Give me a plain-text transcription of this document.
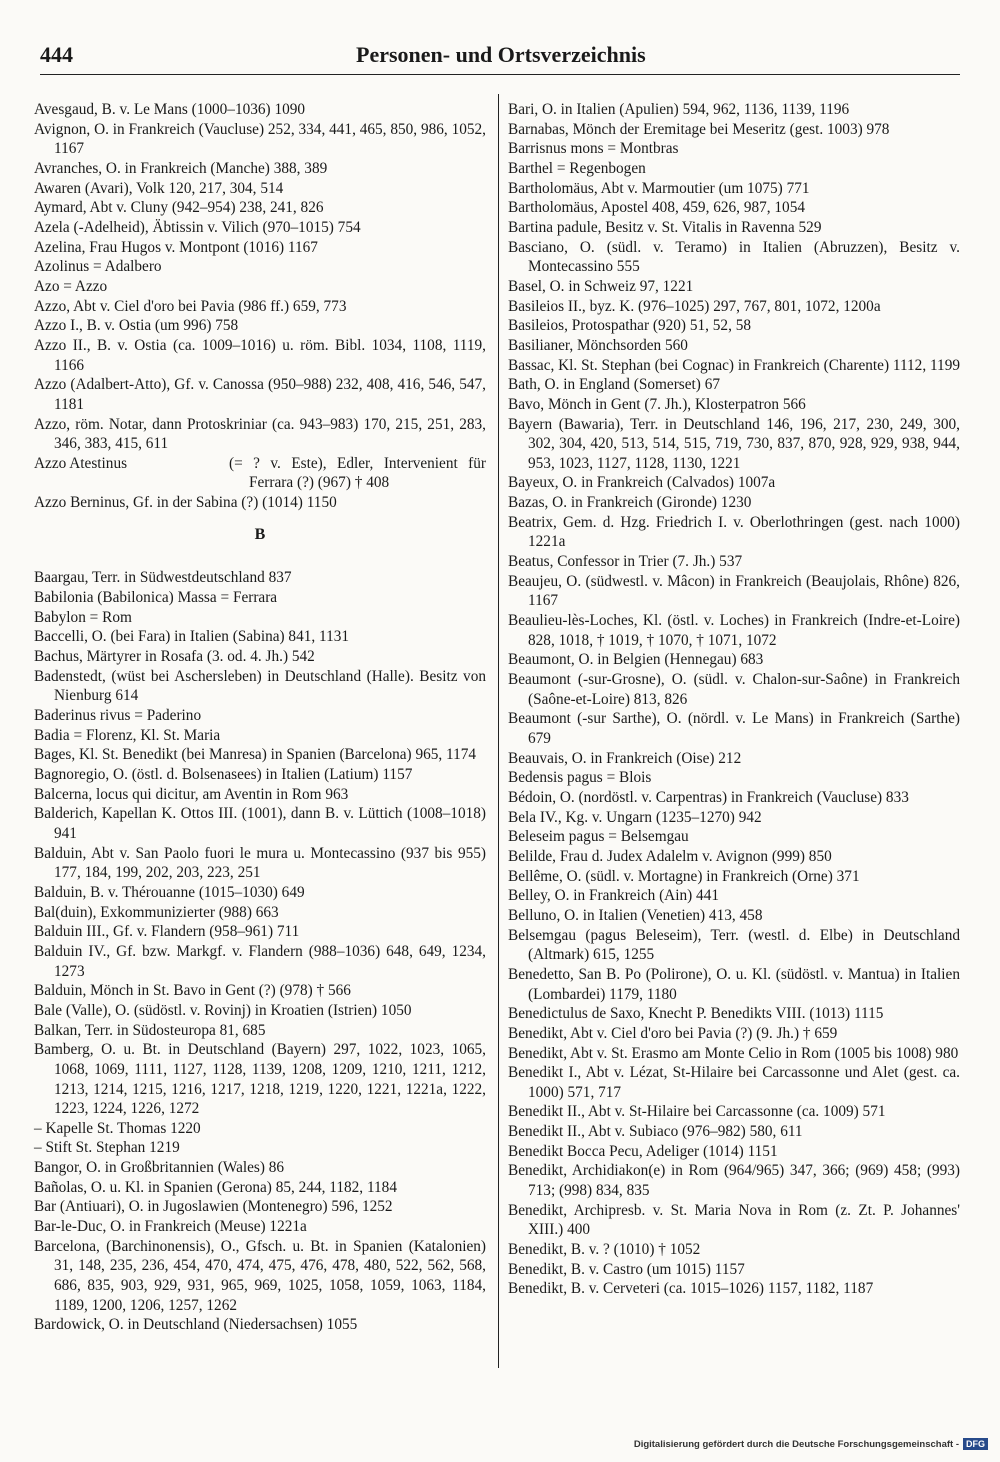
444	Personen- und Ortsverzeichnis
Avesgaud, B. v. Le Mans (1000–1036) 1090
Avignon, O. in Frankreich (Vaucluse) 252, 334, 441, 465, 850, 986, 1052, 1167
Avranches, O. in Frankreich (Manche) 388, 389
Awaren (Avari), Volk 120, 217, 304, 514
Aymard, Abt v. Cluny (942–954) 238, 241, 826
Azela (-Adelheid), Äbtissin v. Vilich (970–1015) 754
Azelina, Frau Hugos v. Montpont (1016) 1167
Azolinus = Adalbero
Azo = Azzo
Azzo, Abt v. Ciel d'oro bei Pavia (986 ff.) 659, 773
Azzo I., B. v. Ostia (um 996) 758
Azzo II., B. v. Ostia (ca. 1009–1016) u. röm. Bibl. 1034, 1108, 1119, 1166
Azzo (Adalbert-Atto), Gf. v. Canossa (950–988) 232, 408, 416, 546, 547, 1181
Azzo, röm. Notar, dann Protoskriniar (ca. 943–983) 170, 215, 251, 283, 346, 383, 415, 611
Azzo Atestinus	(= ? v. Este), Edler, Intervenient für Ferrara (?) (967) † 408
Azzo Berninus, Gf. in der Sabina (?) (1014) 1150
B
Baargau, Terr. in Südwestdeutschland 837
Babilonia (Babilonica) Massa = Ferrara
Babylon = Rom
Baccelli, O. (bei Fara) in Italien (Sabina) 841, 1131
Bachus, Märtyrer in Rosafa (3. od. 4. Jh.) 542
Badenstedt, (wüst bei Aschersleben) in Deutschland (Halle). Besitz von Nienburg 614
Baderinus rivus = Paderino
Badia = Florenz, Kl. St. Maria
Bages, Kl. St. Benedikt (bei Manresa) in Spanien (Barcelona) 965, 1174
Bagnoregio, O. (östl. d. Bolsenasees) in Italien (Latium) 1157
Balcerna, locus qui dicitur, am Aventin in Rom 963
Balderich, Kapellan K. Ottos III. (1001), dann B. v. Lüttich (1008–1018) 941
Balduin, Abt v. San Paolo fuori le mura u. Montecassino (937 bis 955) 177, 184, 199, 202, 203, 223, 251
Balduin, B. v. Thérouanne (1015–1030) 649
Bal(duin), Exkommunizierter (988) 663
Balduin III., Gf. v. Flandern (958–961) 711
Balduin IV., Gf. bzw. Markgf. v. Flandern (988–1036) 648, 649, 1234, 1273
Balduin, Mönch in St. Bavo in Gent (?) (978) † 566
Bale (Valle), O. (südöstl. v. Rovinj) in Kroatien (Istrien) 1050
Balkan, Terr. in Südosteuropa 81, 685
Bamberg, O. u. Bt. in Deutschland (Bayern) 297, 1022, 1023, 1065, 1068, 1069, 1111, 1127, 1128, 1139, 1208, 1209, 1210, 1211, 1212, 1213, 1214, 1215, 1216, 1217, 1218, 1219, 1220, 1221, 1221a, 1222, 1223, 1224, 1226, 1272
– Kapelle St. Thomas 1220
– Stift St. Stephan 1219
Bangor, O. in Großbritannien (Wales) 86
Bañolas, O. u. Kl. in Spanien (Gerona) 85, 244, 1182, 1184
Bar (Antiuari), O. in Jugoslawien (Montenegro) 596, 1252
Bar-le-Duc, O. in Frankreich (Meuse) 1221a
Barcelona, (Barchinonensis), O., Gfsch. u. Bt. in Spanien (Katalonien) 31, 148, 235, 236, 454, 470, 474, 475, 476, 478, 480, 522, 562, 568, 686, 835, 903, 929, 931, 965, 969, 1025, 1058, 1059, 1063, 1184, 1189, 1200, 1206, 1257, 1262
Bardowick, O. in Deutschland (Niedersachsen) 1055
Bari, O. in Italien (Apulien) 594, 962, 1136, 1139, 1196
Barnabas, Mönch der Eremitage bei Meseritz (gest. 1003) 978
Barrisnus mons = Montbras
Barthel = Regenbogen
Bartholomäus, Abt v. Marmoutier (um 1075) 771
Bartholomäus, Apostel 408, 459, 626, 987, 1054
Bartina padule, Besitz v. St. Vitalis in Ravenna 529
Basciano, O. (südl. v. Teramo) in Italien (Abruzzen), Besitz v. Montecassino 555
Basel, O. in Schweiz 97, 1221
Basileios II., byz. K. (976–1025) 297, 767, 801, 1072, 1200a
Basileios, Protospathar (920) 51, 52, 58
Basilianer, Mönchsorden 560
Bassac, Kl. St. Stephan (bei Cognac) in Frankreich (Charente) 1112, 1199
Bath, O. in England (Somerset) 67
Bavo, Mönch in Gent (7. Jh.), Klosterpatron 566
Bayern (Bawaria), Terr. in Deutschland 146, 196, 217, 230, 249, 300, 302, 304, 420, 513, 514, 515, 719, 730, 837, 870, 928, 929, 938, 944, 953, 1023, 1127, 1128, 1130, 1221
Bayeux, O. in Frankreich (Calvados) 1007a
Bazas, O. in Frankreich (Gironde) 1230
Beatrix, Gem. d. Hzg. Friedrich I. v. Oberlothringen (gest. nach 1000) 1221a
Beatus, Confessor in Trier (7. Jh.) 537
Beaujeu, O. (südwestl. v. Mâcon) in Frankreich (Beaujolais, Rhône) 826, 1167
Beaulieu-lès-Loches, Kl. (östl. v. Loches) in Frankreich (Indre-et-Loire) 828, 1018, † 1019, † 1070, † 1071, 1072
Beaumont, O. in Belgien (Hennegau) 683
Beaumont (-sur-Grosne), O. (südl. v. Chalon-sur-Saône) in Frankreich (Saône-et-Loire) 813, 826
Beaumont (-sur Sarthe), O. (nördl. v. Le Mans) in Frankreich (Sarthe) 679
Beauvais, O. in Frankreich (Oise) 212
Bedensis pagus = Blois
Bédoin, O. (nordöstl. v. Carpentras) in Frankreich (Vaucluse) 833
Bela IV., Kg. v. Ungarn (1235–1270) 942
Beleseim pagus = Belsemgau
Belilde, Frau d. Judex Adalelm v. Avignon (999) 850
Bellême, O. (südl. v. Mortagne) in Frankreich (Orne) 371
Belley, O. in Frankreich (Ain) 441
Belluno, O. in Italien (Venetien) 413, 458
Belsemgau (pagus Beleseim), Terr. (westl. d. Elbe) in Deutschland (Altmark) 615, 1255
Benedetto, San B. Po (Polirone), O. u. Kl. (südöstl. v. Mantua) in Italien (Lombardei) 1179, 1180
Benedictulus de Saxo, Knecht P. Benedikts VIII. (1013) 1115
Benedikt, Abt v. Ciel d'oro bei Pavia (?) (9. Jh.) † 659
Benedikt, Abt v. St. Erasmo am Monte Celio in Rom (1005 bis 1008) 980
Benedikt I., Abt v. Lézat, St-Hilaire bei Carcassonne und Alet (gest. ca. 1000) 571, 717
Benedikt II., Abt v. St-Hilaire bei Carcassonne (ca. 1009) 571
Benedikt II., Abt v. Subiaco (976–982) 580, 611
Benedikt Bocca Pecu, Adeliger (1014) 1151
Benedikt, Archidiakon(e) in Rom (964/965) 347, 366; (969) 458; (993) 713; (998) 834, 835
Benedikt, Archipresb. v. St. Maria Nova in Rom (z. Zt. P. Johannes' XIII.) 400
Benedikt, B. v. ? (1010) † 1052
Benedikt, B. v. Castro (um 1015) 1157
Benedikt, B. v. Cerveteri (ca. 1015–1026) 1157, 1182, 1187
Digitalisierung gefördert durch die Deutsche Forschungsgemeinschaft - DFG
